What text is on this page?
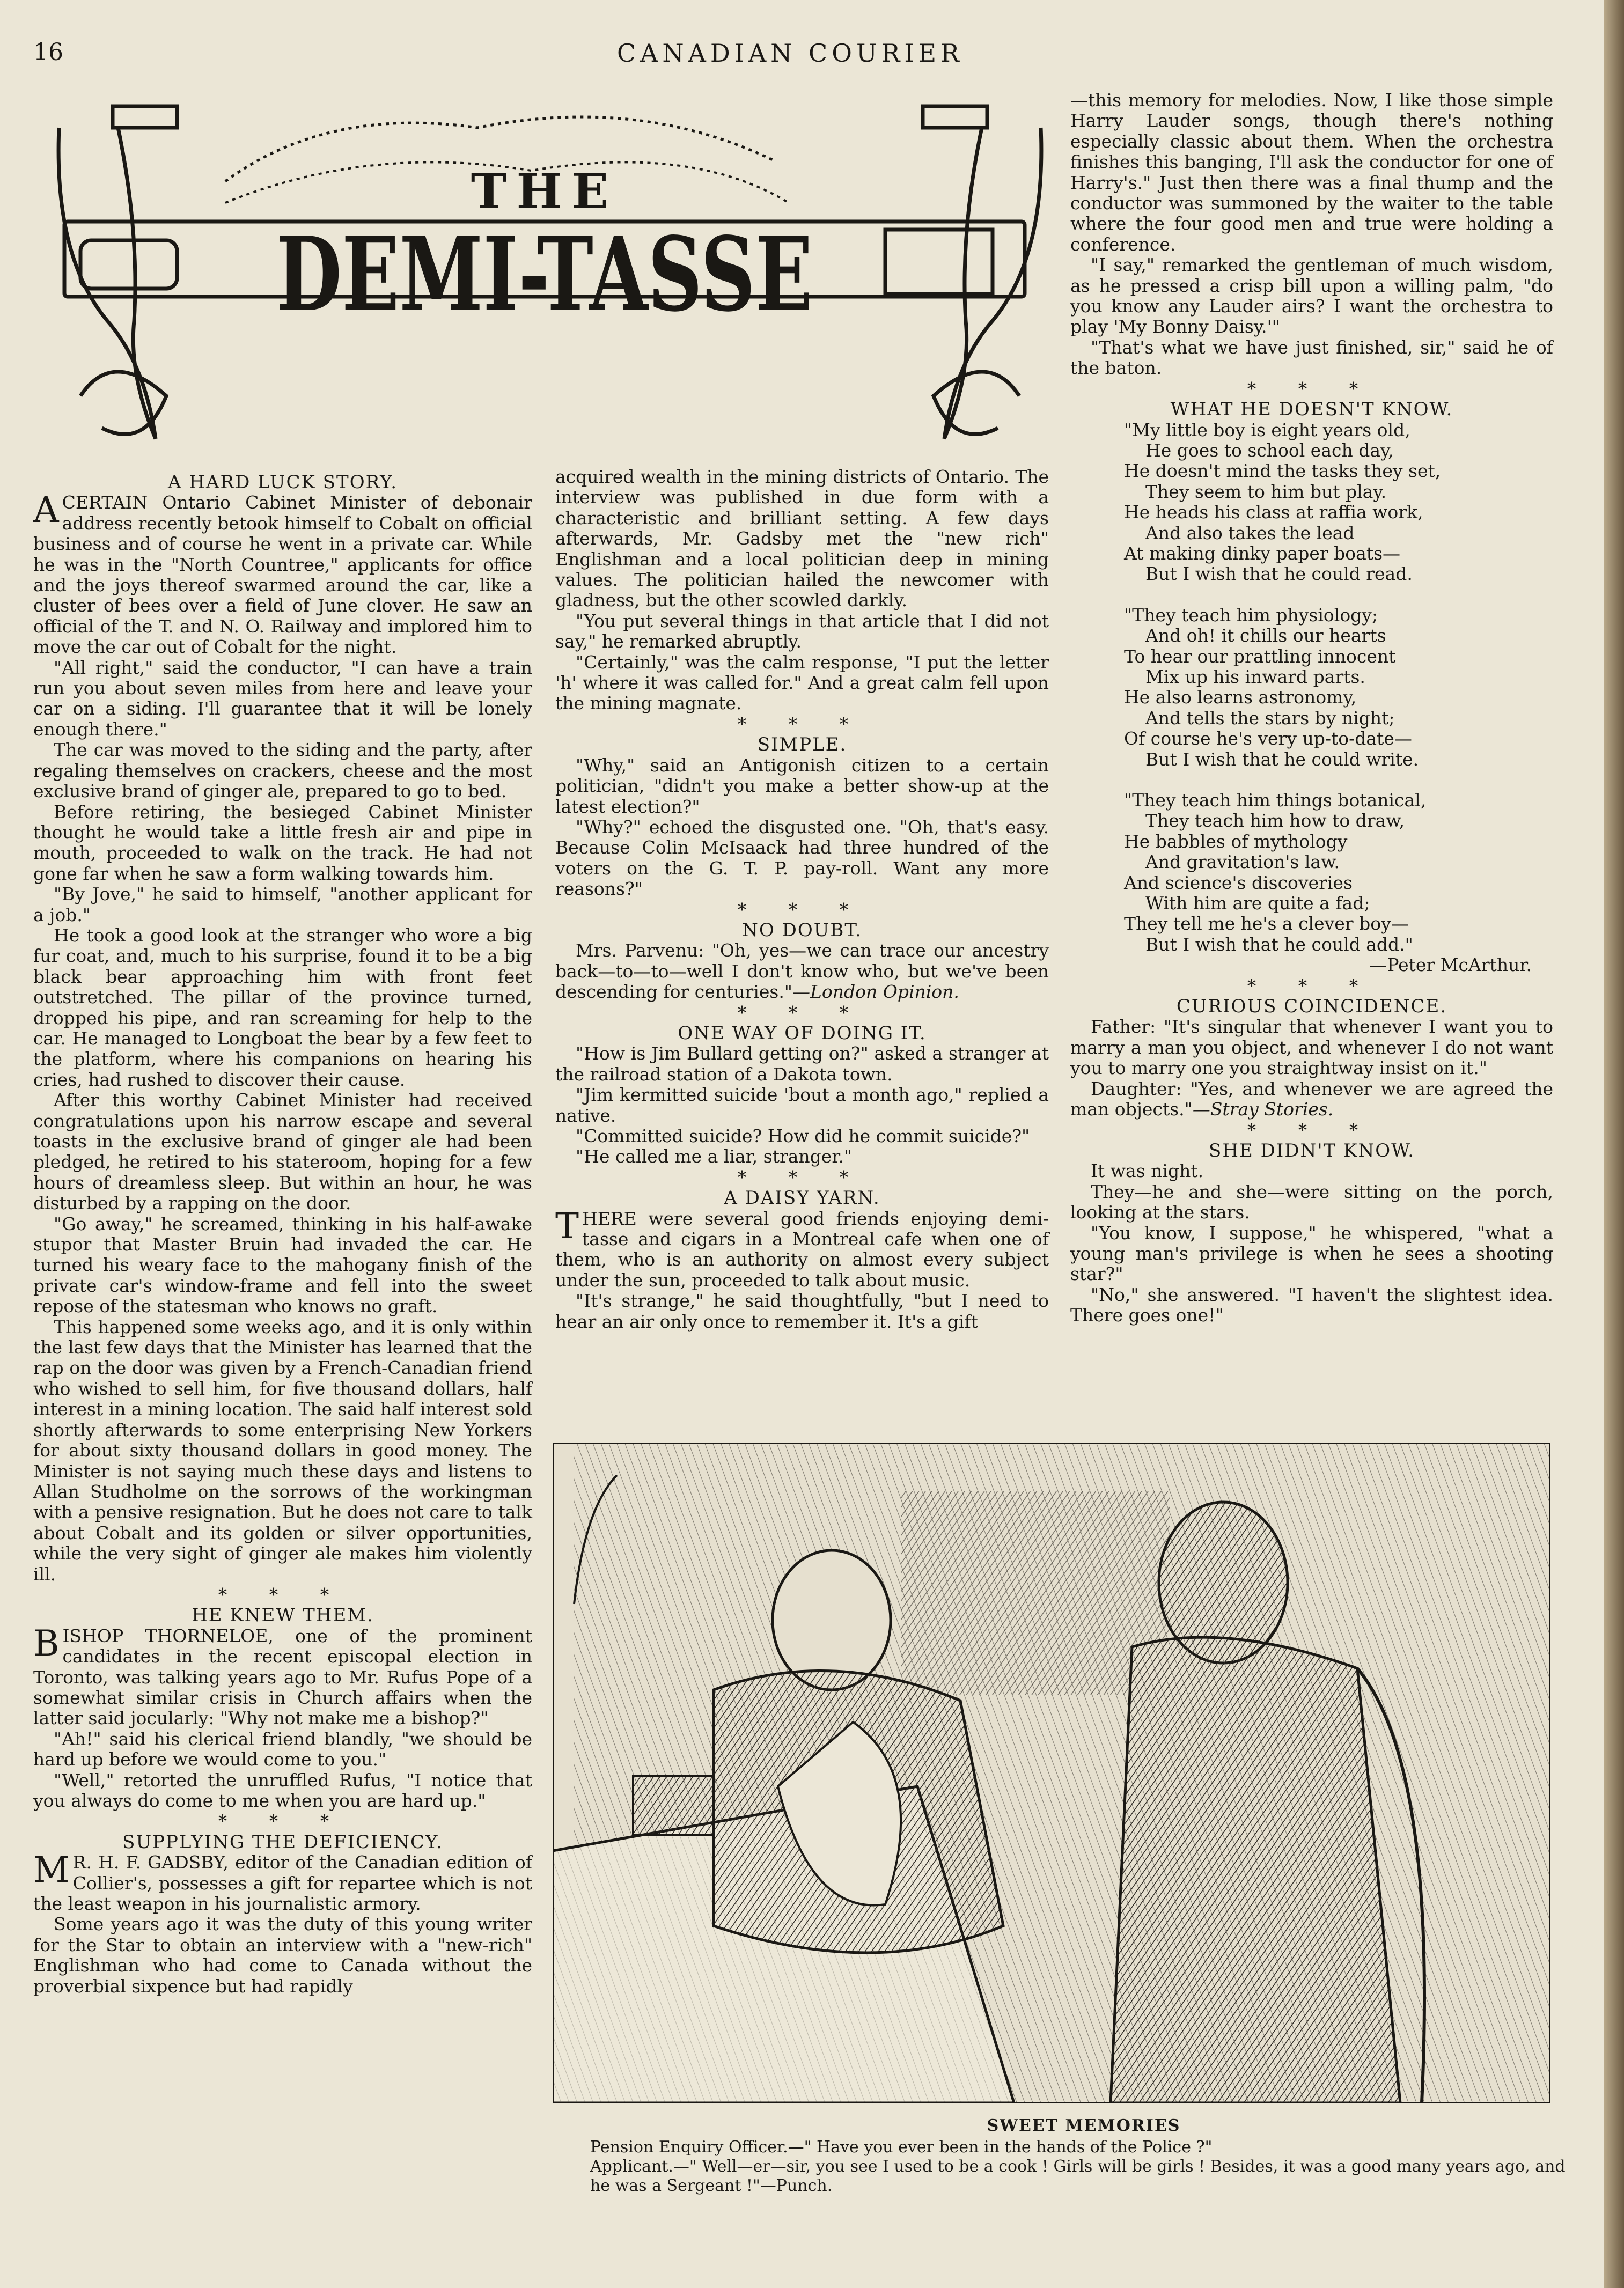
16	CANADIAN COURIER
THE
DEMI-TASSE

A HARD LUCK STORY.

ACERTAIN Ontario Cabinet Minister of debonair address recently betook himself to Cobalt on official business and of course he went in a private car. While he was in the "North Countree," applicants for office and the joys thereof swarmed around the car, like a cluster of bees over a field of June clover. He saw an official of the T. and N. O. Railway and implored him to move the car out of Cobalt for the night.

"All right," said the conductor, "I can have a train run you about seven miles from here and leave your car on a siding. I'll guarantee that it will be lonely enough there."

The car was moved to the siding and the party, after regaling themselves on crackers, cheese and the most exclusive brand of ginger ale, prepared to go to bed.

Before retiring, the besieged Cabinet Minister thought he would take a little fresh air and pipe in mouth, proceeded to walk on the track. He had not gone far when he saw a form walking towards him.

"By Jove," he said to himself, "another applicant for a job."

He took a good look at the stranger who wore a big fur coat, and, much to his surprise, found it to be a big black bear approaching him with front feet outstretched. The pillar of the province turned, dropped his pipe, and ran screaming for help to the car. He managed to Longboat the bear by a few feet to the platform, where his companions on hearing his cries, had rushed to discover their cause.

After this worthy Cabinet Minister had received congratulations upon his narrow escape and several toasts in the exclusive brand of ginger ale had been pledged, he retired to his stateroom, hoping for a few hours of dreamless sleep. But within an hour, he was disturbed by a rapping on the door.

"Go away," he screamed, thinking in his half-awake stupor that Master Bruin had invaded the car. He turned his weary face to the mahogany finish of the private car's window-frame and fell into the sweet repose of the statesman who knows no graft.

This happened some weeks ago, and it is only within the last few days that the Minister has learned that the rap on the door was given by a French-Canadian friend who wished to sell him, for five thousand dollars, half interest in a mining location. The said half interest sold shortly afterwards to some enterprising New Yorkers for about sixty thousand dollars in good money. The Minister is not saying much these days and listens to Allan Studholme on the sorrows of the workingman with a pensive resignation. But he does not care to talk about Cobalt and its golden or silver opportunities, while the very sight of ginger ale makes him violently ill.

* * *

HE KNEW THEM.

BISHOP THORNELOE, one of the prominent candidates in the recent episcopal election in Toronto, was talking years ago to Mr. Rufus Pope of a somewhat similar crisis in Church affairs when the latter said jocularly: "Why not make me a bishop?"

"Ah!" said his clerical friend blandly, "we should be hard up before we would come to you."

"Well," retorted the unruffled Rufus, "I notice that you always do come to me when you are hard up."

* * *

SUPPLYING THE DEFICIENCY.

M R. H. F. GADSBY, editor of the Canadian edition of Collier's, possesses a gift for repartee which is not the least weapon in his journalistic armory.

Some years ago it was the duty of this young writer for the Star to obtain an interview with a "new-rich" Englishman who had come to Canada without the proverbial sixpence but had rapidly

acquired wealth in the mining districts of Ontario. The interview was published in due form with a characteristic and brilliant setting. A few days afterwards, Mr. Gadsby met the "new rich" Englishman and a local politician deep in mining values. The politician hailed the newcomer with gladness, but the other scowled darkly.

"You put several things in that article that I did not say," he remarked abruptly.

"Certainly," was the calm response, "I put the letter 'h' where it was called for." And a great calm fell upon the mining magnate.

* * *

SIMPLE.

"Why," said an Antigonish citizen to a certain politician, "didn't you make a better show-up at the latest election?"

"Why?" echoed the disgusted one. "Oh, that's easy. Because Colin McIsaack had three hundred of the voters on the G. T. P. pay-roll. Want any more reasons?"

* * *

NO DOUBT.

Mrs. Parvenu: "Oh, yes—we can trace our ancestry back—to—to—well I don't know who, but we've been descending for centuries."—London Opinion.

* * *

ONE WAY OF DOING IT.

"How is Jim Bullard getting on?" asked a stranger at the railroad station of a Dakota town.

"Jim kermitted suicide 'bout a month ago," replied a native.

"Committed suicide? How did he commit suicide?"

"He called me a liar, stranger."

* * *

A DAISY YARN.

THERE were several good friends enjoying demi-tasse and cigars in a Montreal cafe when one of them, who is an authority on almost every subject under the sun, proceeded to talk about music.

"It's strange," he said thoughtfully, "but I need to hear an air only once to remember it. It's a gift

—this memory for melodies. Now, I like those simple Harry Lauder songs, though there's nothing especially classic about them. When the orchestra finishes this banging, I'll ask the conductor for one of Harry's." Just then there was a final thump and the conductor was summoned by the waiter to the table where the four good men and true were holding a conference.

"I say," remarked the gentleman of much wisdom, as he pressed a crisp bill upon a willing palm, "do you know any Lauder airs? I want the orchestra to play 'My Bonny Daisy.'"

"That's what we have just finished, sir," said he of the baton.

* * *

WHAT HE DOESN'T KNOW.

"My little boy is eight years old,

He goes to school each day,

He doesn't mind the tasks they set,

They seem to him but play.

He heads his class at raffia work,

And also takes the lead

At making dinky paper boats—

But I wish that he could read.

"They teach him physiology;

And oh! it chills our hearts

To hear our prattling innocent

Mix up his inward parts.

He also learns astronomy,

And tells the stars by night;

Of course he's very up-to-date—

But I wish that he could write.

"They teach him things botanical,

They teach him how to draw,

He babbles of mythology

And gravitation's law.

And science's discoveries

With him are quite a fad;

They tell me he's a clever boy—

But I wish that he could add."

—Peter McArthur.

* * *

CURIOUS COINCIDENCE.

Father: "It's singular that whenever I want you to marry a man you object, and whenever I do not want you to marry one you straightway insist on it."

Daughter: "Yes, and whenever we are agreed the man objects."—Stray Stories.

* * *

SHE DIDN'T KNOW.

It was night.

They—he and she—were sitting on the porch, looking at the stars.

"You know, I suppose," he whispered, "what a young man's privilege is when he sees a shooting star?"

"No," she answered. "I haven't the slightest idea. There goes one!"

SWEET MEMORIES

Pension Enquiry Officer.—" Have you ever been in the hands of the Police ?"

Applicant.—" Well—er—sir, you see I used to be a cook ! Girls will be girls ! Besides, it was a good many years ago, and he was a Sergeant !"—Punch.
